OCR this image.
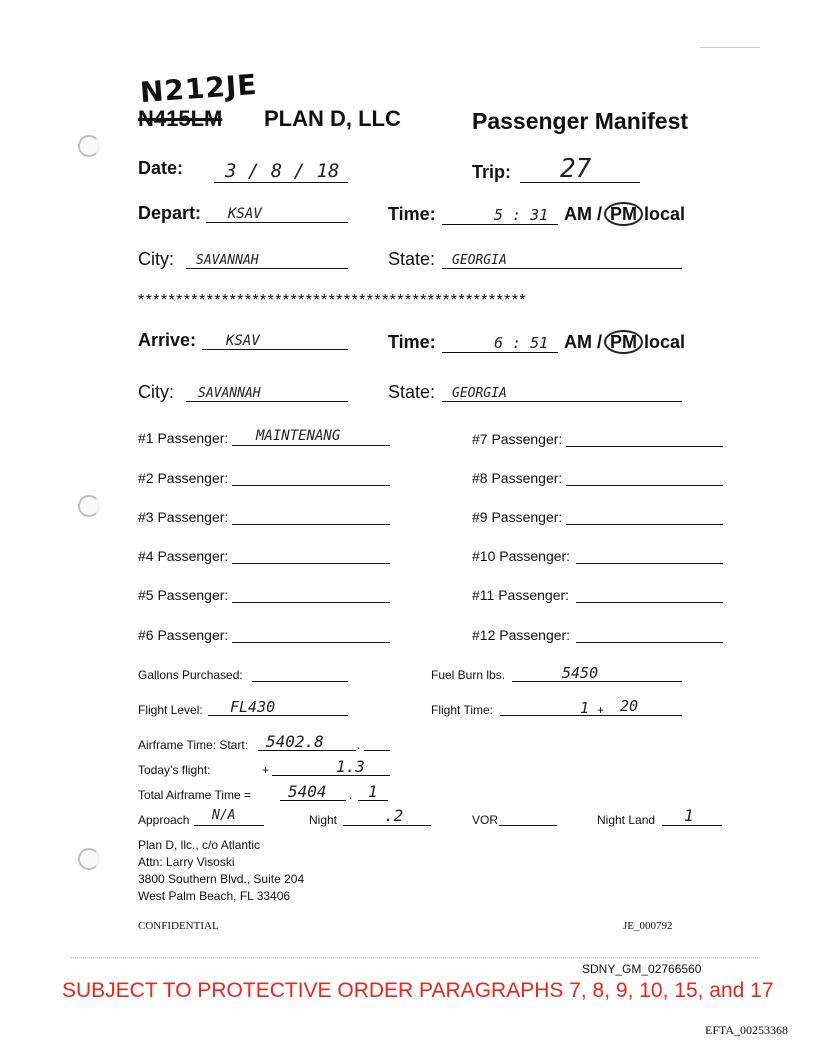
N212JE
N415LM PLAN D, LLC	Passenger Manifest
Date: 3 / 8 / 18	Trip: 27
Depart: KSAV	Time:	5 : 31 AM / PM local
City: SAVANNAH	State: GEORGIA
***************************************************
Arrive: KSAV	Time:	6 : 51 AM / PM local
City: SAVANNAH	State: GEORGIA
#1 Passenger: MAINTENANG
#2 Passenger:
#3 Passenger:
#4 Passenger:
#5 Passenger:
#6 Passenger:
#7 Passenger:
#8 Passenger:
#9 Passenger:
#10 Passenger:
#11 Passenger:
#12 Passenger:
Gallons Purchased:	Fuel Burn lbs.	5450
Flight Level: FL430	Flight Time:	1 + 20
Airframe Time: Start: 5402.8	.
Today’s flight:	+	1.3
Total Airframe Time = 5404 . 1
Approach N/A	Night	.2	VOR	Night Land 1
Plan D, llc., c/o Atlantic
Attn: Larry Visoski
3800 Southern Blvd., Suite 204
West Palm Beach, FL 33406
CONFIDENTIAL	JE_000792
SDNY_GM_02766560
SUBJECT TO PROTECTIVE ORDER PARAGRAPHS 7, 8, 9, 10, 15, and 17
EFTA_00253368
